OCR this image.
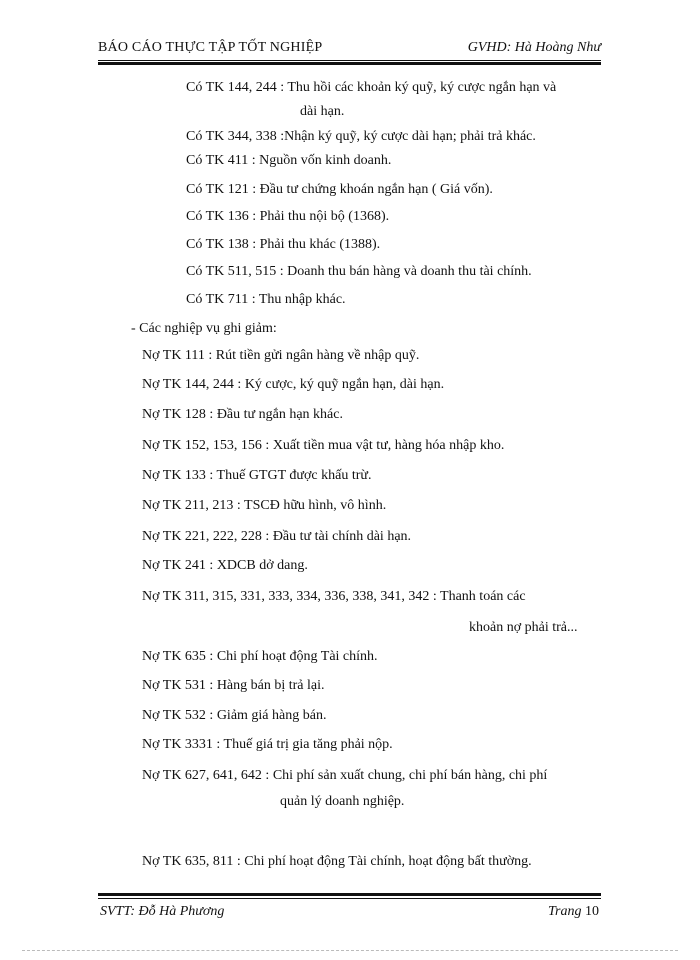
BÁO CÁO THỰC TẬP TỐT NGHIỆP	GVHD: Hà Hoàng Như
Có TK 144, 244 : Thu hồi các khoản ký quỹ, ký cược ngắn hạn và
dài hạn.
Có TK 344, 338 :Nhận ký quỹ, ký cược dài hạn; phải trả khác.
Có TK 411 : Nguồn vốn kinh doanh.
Có TK 121 : Đầu tư chứng khoán ngắn hạn ( Giá vốn).
Có TK 136 : Phải thu nội bộ (1368).
Có TK 138 : Phải thu khác (1388).
Có TK 511, 515 : Doanh thu bán hàng và doanh thu tài chính.
Có TK 711 : Thu nhập khác.
- Các nghiệp vụ ghi giảm:
Nợ TK 111 : Rút tiền gửi ngân hàng về nhập quỹ.
Nợ TK 144, 244 : Ký cược, ký quỹ ngắn hạn, dài hạn.
Nợ TK 128 : Đầu tư ngắn hạn khác.
Nợ TK 152, 153, 156 : Xuất tiền mua vật tư, hàng hóa nhập kho.
Nợ TK 133 : Thuế GTGT được khấu trừ.
Nợ TK 211, 213 : TSCĐ hữu hình, vô hình.
Nợ TK 221, 222, 228 : Đầu tư tài chính dài hạn.
Nợ TK 241 : XDCB dở dang.
Nợ TK 311, 315, 331, 333, 334, 336, 338, 341, 342 : Thanh toán các
khoản nợ phải trả...
Nợ TK 635 : Chi phí hoạt động Tài chính.
Nợ TK 531 : Hàng bán bị trả lại.
Nợ TK 532 : Giảm giá hàng bán.
Nợ TK 3331 : Thuế giá trị gia tăng phải nộp.
Nợ TK 627, 641, 642 : Chi phí sản xuất chung, chi phí bán hàng, chi phí
quản lý doanh nghiệp.
Nợ TK 635, 811 : Chi phí hoạt động Tài chính, hoạt động bất thường.
SVTT: Đỗ Hà Phương	Trang 10
